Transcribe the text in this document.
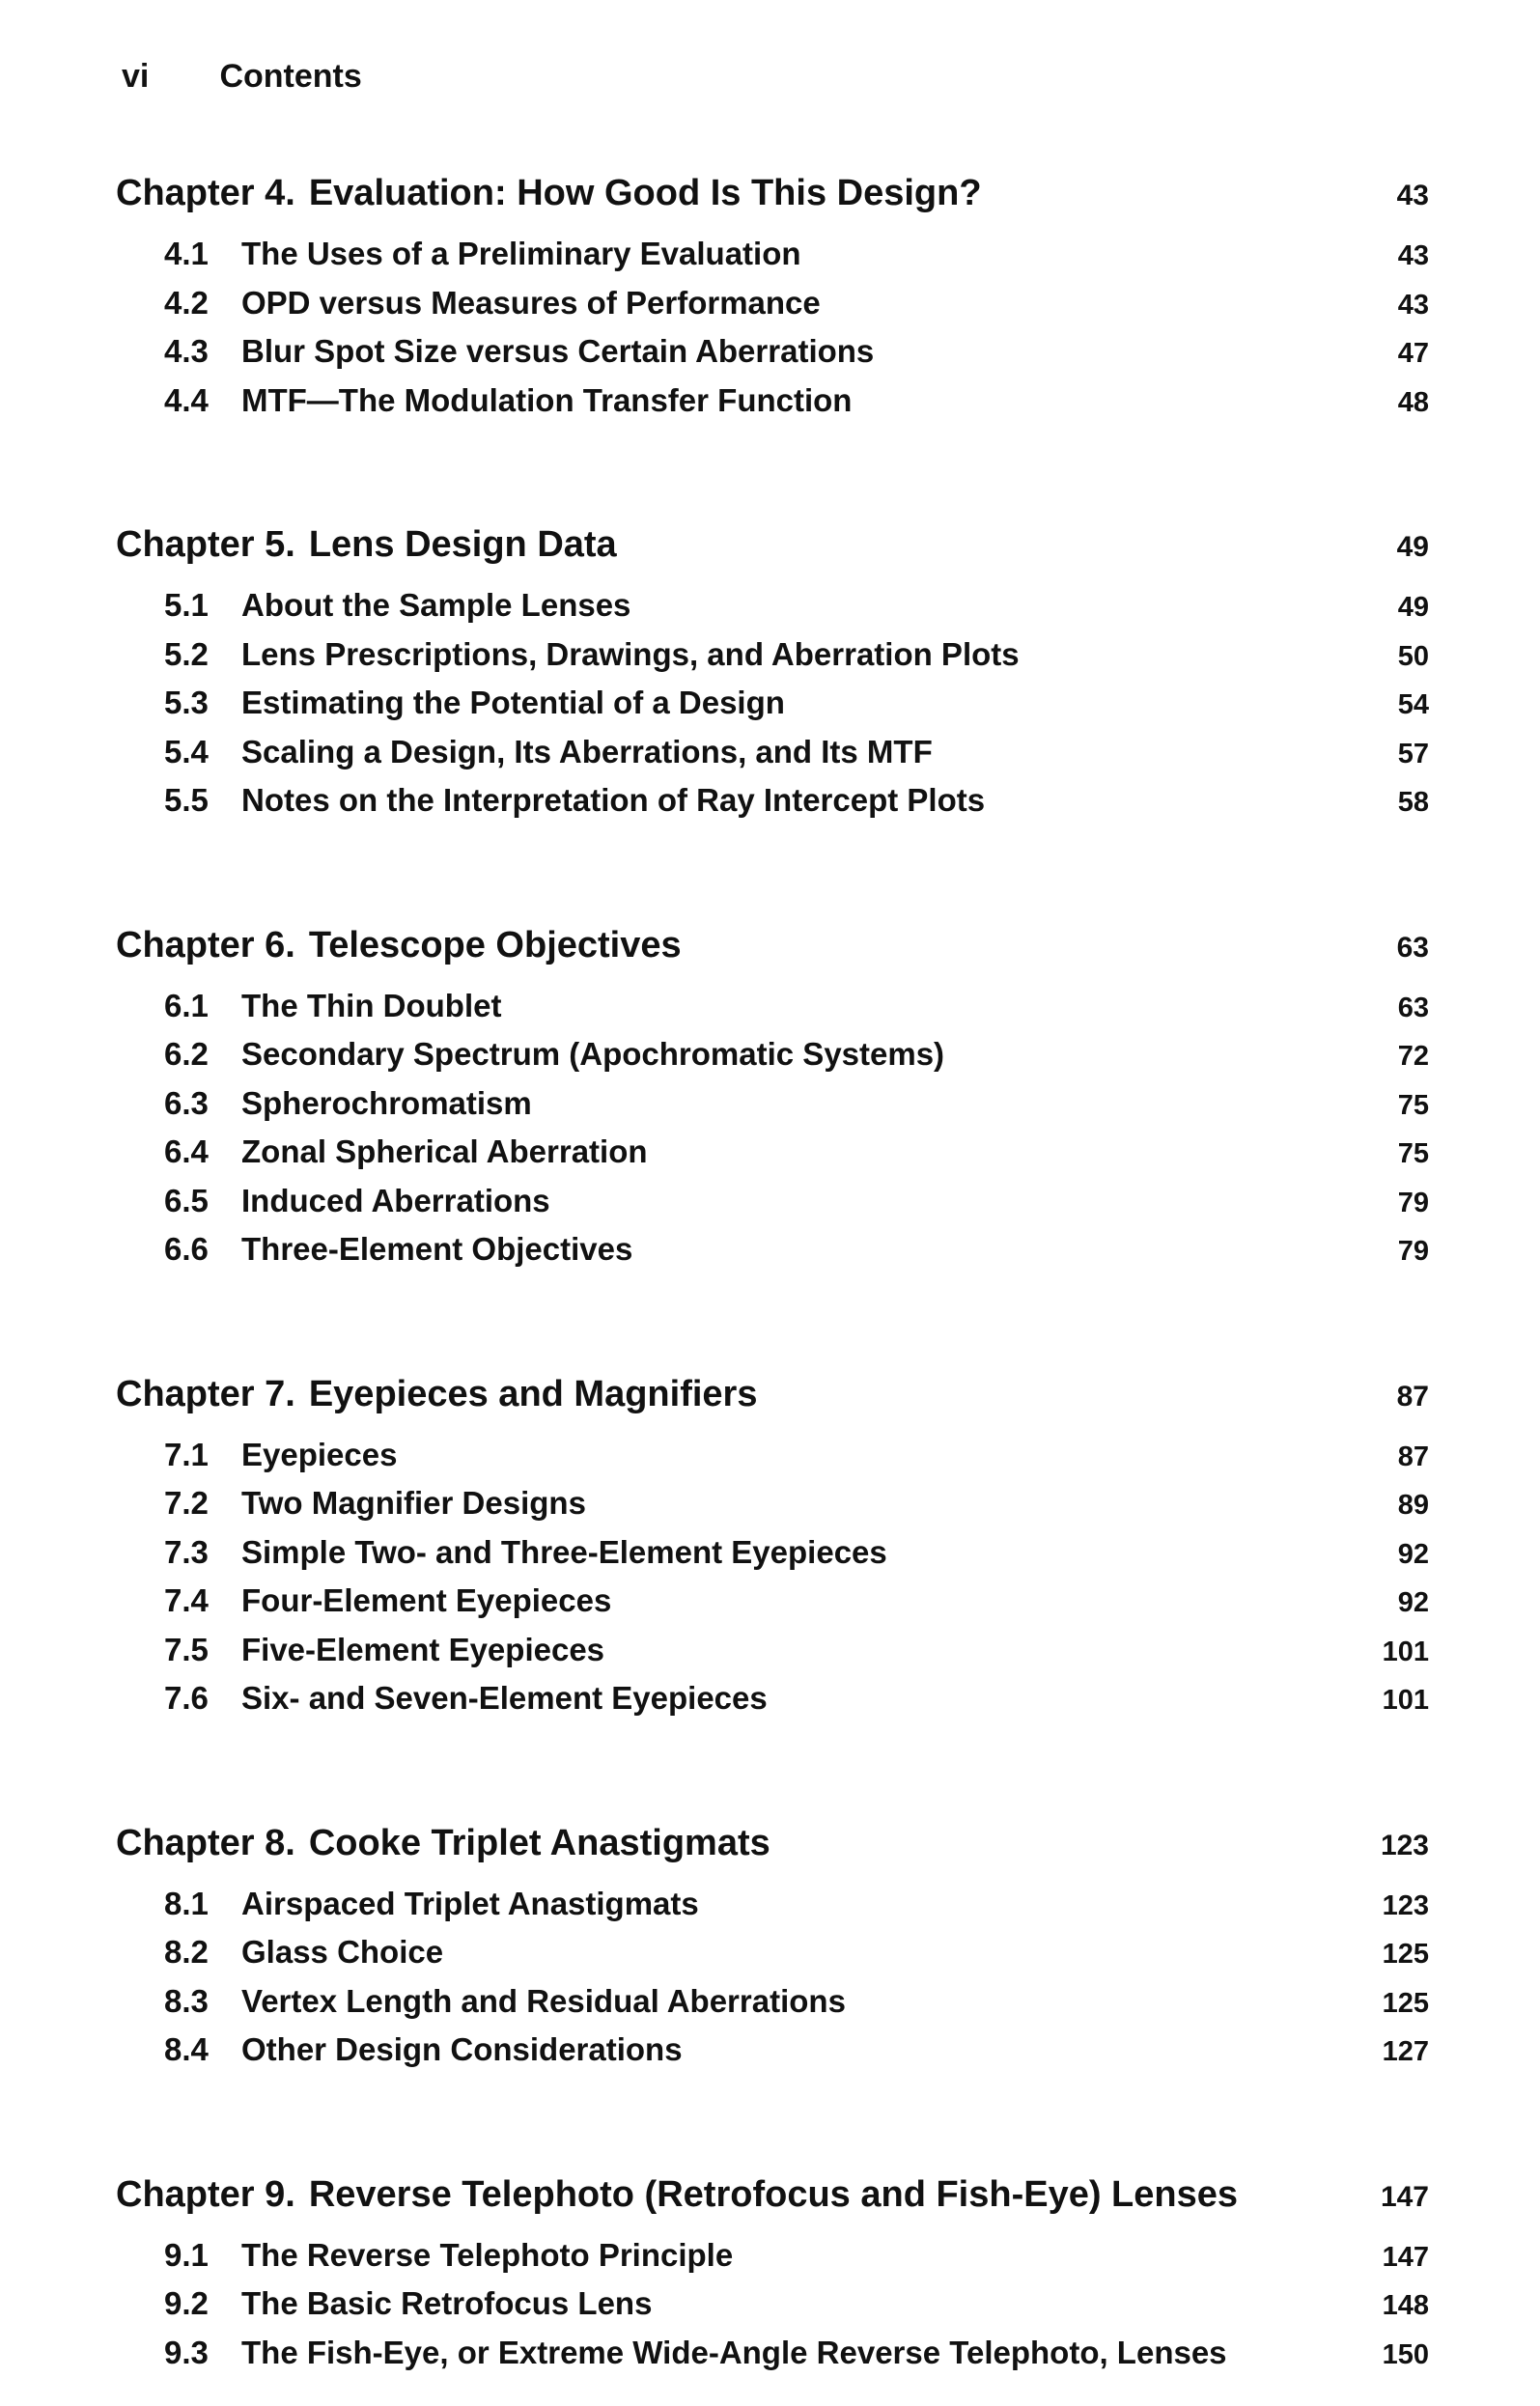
vi Contents
Chapter 4. Evaluation: How Good Is This Design?	43
4.1	The Uses of a Preliminary Evaluation	43
4.2	OPD versus Measures of Performance	43
4.3	Blur Spot Size versus Certain Aberrations	47
4.4	MTF—The Modulation Transfer Function	48
Chapter 5. Lens Design Data	49
5.1	About the Sample Lenses	49
5.2	Lens Prescriptions, Drawings, and Aberration Plots	50
5.3	Estimating the Potential of a Design	54
5.4	Scaling a Design, Its Aberrations, and Its MTF	57
5.5	Notes on the Interpretation of Ray Intercept Plots	58
Chapter 6. Telescope Objectives	63
6.1	The Thin Doublet	63
6.2	Secondary Spectrum (Apochromatic Systems)	72
6.3	Spherochromatism	75
6.4	Zonal Spherical Aberration	75
6.5	Induced Aberrations	79
6.6	Three-Element Objectives	79
Chapter 7. Eyepieces and Magnifiers	87
7.1	Eyepieces	87
7.2	Two Magnifier Designs	89
7.3	Simple Two- and Three-Element Eyepieces	92
7.4	Four-Element Eyepieces	92
7.5	Five-Element Eyepieces	101
7.6	Six- and Seven-Element Eyepieces	101
Chapter 8. Cooke Triplet Anastigmats	123
8.1	Airspaced Triplet Anastigmats	123
8.2	Glass Choice	125
8.3	Vertex Length and Residual Aberrations	125
8.4	Other Design Considerations	127
Chapter 9. Reverse Telephoto (Retrofocus and Fish-Eye) Lenses	147
9.1	The Reverse Telephoto Principle	147
9.2	The Basic Retrofocus Lens	148
9.3	The Fish-Eye, or Extreme Wide-Angle Reverse Telephoto, Lenses	150
